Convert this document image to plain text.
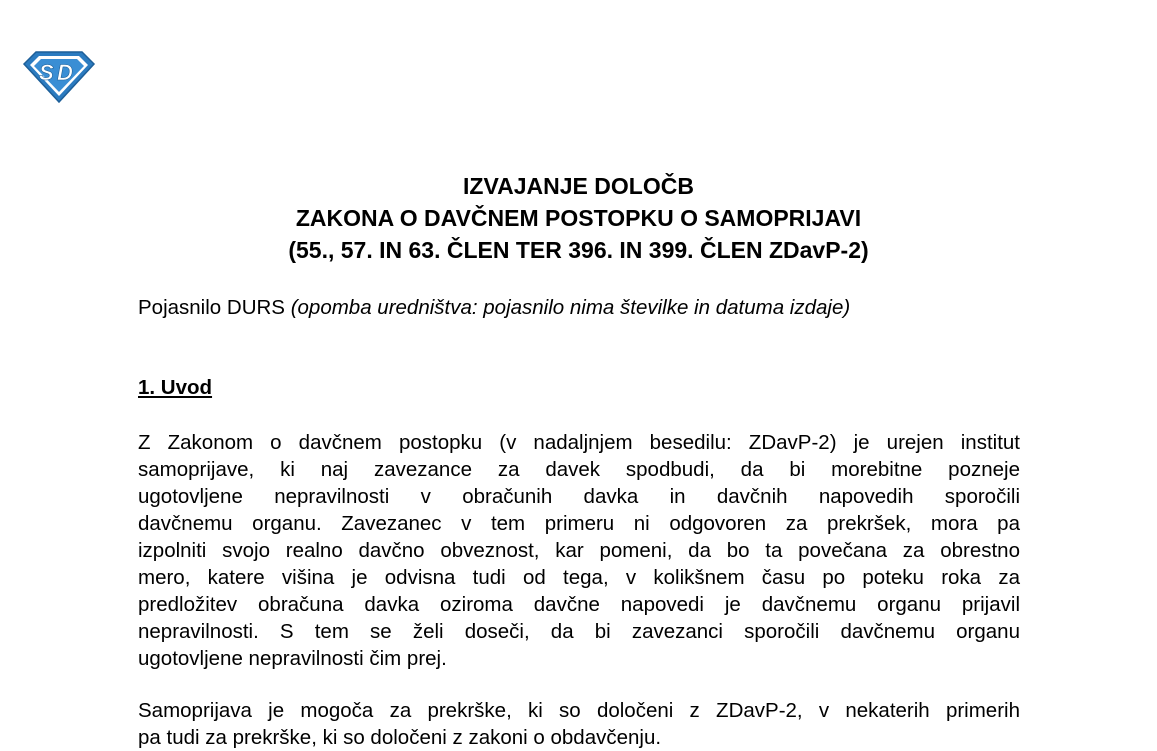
S D
IZVAJANJE DOLOČB
ZAKONA O DAVČNEM POSTOPKU O SAMOPRIJAVI
(55., 57. IN 63. ČLEN TER 396. IN 399. ČLEN ZDavP-2)
Pojasnilo DURS (opomba uredništva: pojasnilo nima številke in datuma izdaje)
1. Uvod
Z Zakonom o davčnem postopku (v nadaljnjem besedilu: ZDavP-2) je urejen institut
samoprijave, ki naj zavezance za davek spodbudi, da bi morebitne pozneje
ugotovljene nepravilnosti v obračunih davka in davčnih napovedih sporočili
davčnemu organu. Zavezanec v tem primeru ni odgovoren za prekršek, mora pa
izpolniti svojo realno davčno obveznost, kar pomeni, da bo ta povečana za obrestno
mero, katere višina je odvisna tudi od tega, v kolikšnem času po poteku roka za
predložitev obračuna davka oziroma davčne napovedi je davčnemu organu prijavil
nepravilnosti. S tem se želi doseči, da bi zavezanci sporočili davčnemu organu
ugotovljene nepravilnosti čim prej.
Samoprijava je mogoča za prekrške, ki so določeni z ZDavP-2, v nekaterih primerih
pa tudi za prekrške, ki so določeni z zakoni o obdavčenju.
